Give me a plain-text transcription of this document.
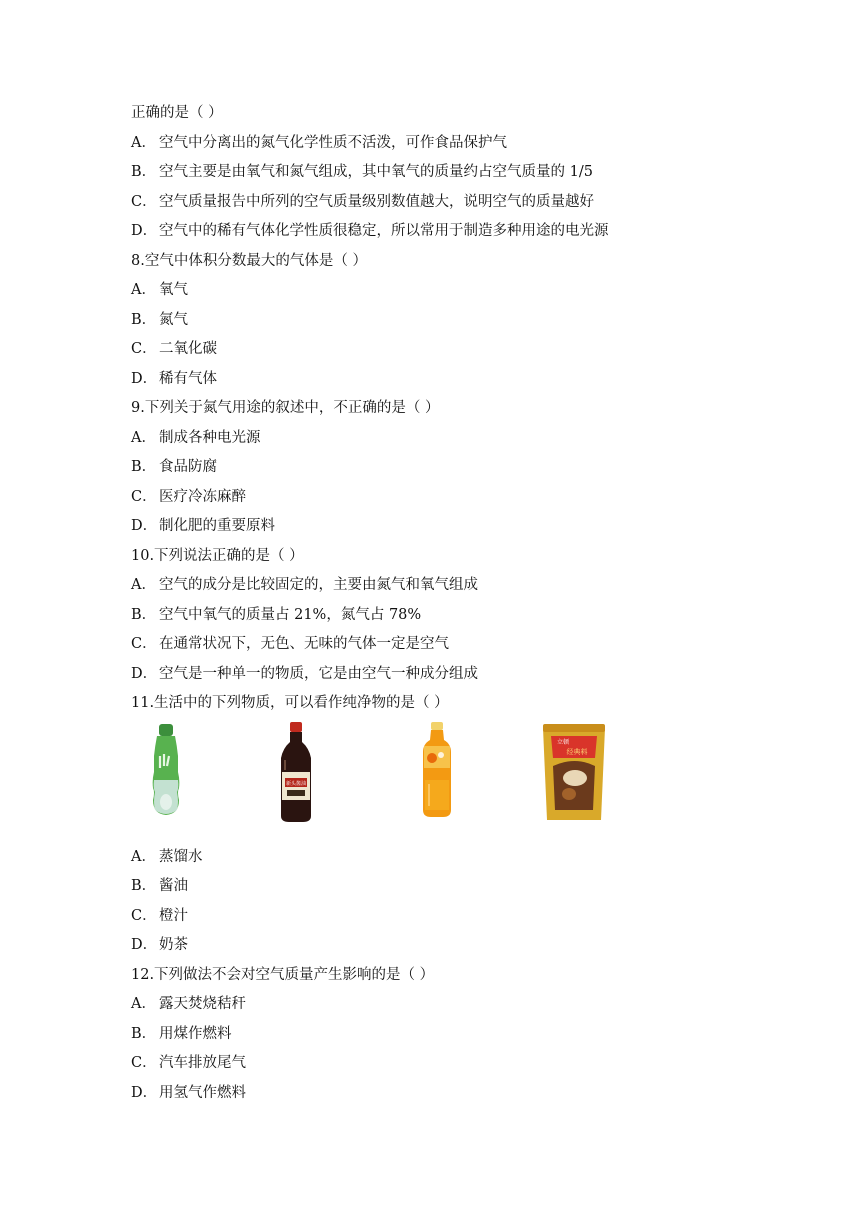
正确的是（ ）
A． 空气中分离出的氮气化学性质不活泼，可作食品保护气
B． 空气主要是由氧气和氮气组成，其中氧气的质量约占空气质量的 1/5
C． 空气质量报告中所列的空气质量级别数值越大，说明空气的质量越好
D． 空气中的稀有气体化学性质很稳定，所以常用于制造多种用途的电光源
8.空气中体积分数最大的气体是（ ）
A． 氧气
B． 氮气
C． 二氧化碳
D． 稀有气体
9.下列关于氮气用途的叙述中，不正确的是（ ）
A． 制成各种电光源
B． 食品防腐
C． 医疗冷冻麻醉
D． 制化肥的重要原料
10.下列说法正确的是（ ）
A． 空气的成分是比较固定的，主要由氮气和氧气组成
B． 空气中氧气的质量占 21%，氮气占 78%
C． 在通常状况下，无色、无味的气体一定是空气
D． 空气是一种单一的物质，它是由空气一种成分组成
11.生活中的下列物质，可以看作纯净物的是（ ）
新头酱油
立顿
经典料
A． 蒸馏水
B． 酱油
C． 橙汁
D． 奶茶
12.下列做法不会对空气质量产生影响的是（ ）
A． 露天焚烧秸秆
B． 用煤作燃料
C． 汽车排放尾气
D． 用氢气作燃料
